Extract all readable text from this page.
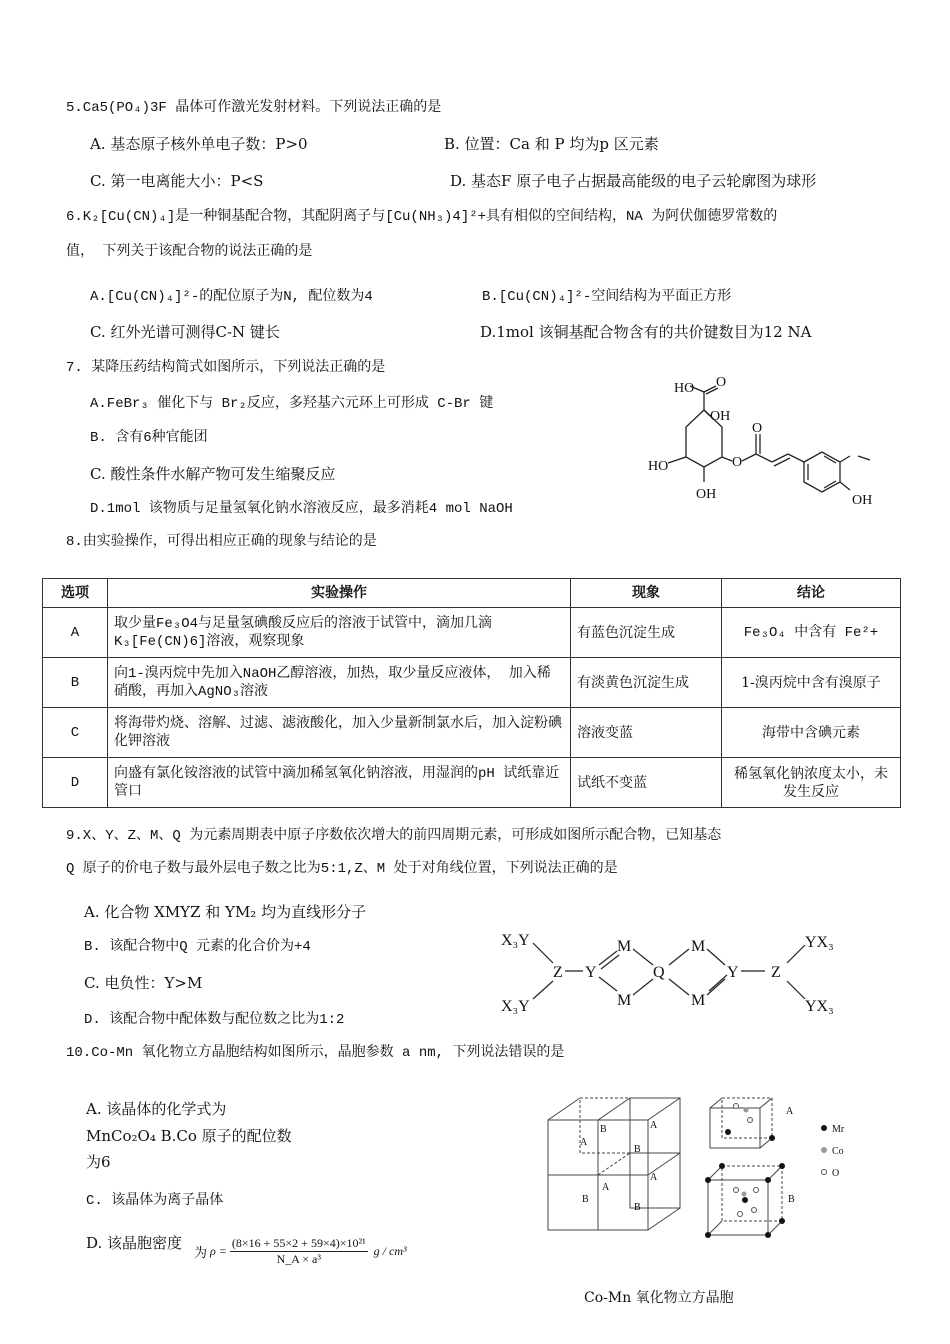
5.Ca5(PO₄)3F 晶体可作激光发射材料。下列说法正确的是
A. 基态原子核外单电子数：P>0	B. 位置：Ca 和 P 均为p 区元素
C. 第一电离能大小：P<S	D. 基态F 原子电子占据最高能级的电子云轮廓图为球形
6.K₂[Cu(CN)₄]是一种铜基配合物，其配阴离子与[Cu(NH₃)4]²+具有相似的空间结构，NA 为阿伏伽德罗常数的
值， 下列关于该配合物的说法正确的是
A.[Cu(CN)₄]²-的配位原子为N, 配位数为4	B.[Cu(CN)₄]²-空间结构为平面正方形
C. 红外光谱可测得C-N 键长	D.1mol 该铜基配合物含有的共价键数目为12 NA
7. 某降压药结构简式如图所示，下列说法正确的是
A.FeBr₃ 催化下与 Br₂反应，多羟基六元环上可形成 C-Br 键
B. 含有6种官能团
C. 酸性条件水解产物可发生缩聚反应
D.1mol 该物质与足量氢氧化钠水溶液反应，最多消耗4 mol NaOH
HO O
OH
O
HO
OH
O
OH
8.由实验操作，可得出相应正确的现象与结论的是
选项	实验操作	现象	结论
A	取少量Fe₃O4与足量氢碘酸反应后的溶液于试管中，滴加几滴 K₃[Fe(CN)6]溶液，观察现象	有蓝色沉淀生成	Fe₃O₄ 中含有 Fe²+
B	向1-溴丙烷中先加入NaOH乙醇溶液，加热，取少量反应液体， 加入稀硝酸，再加入AgNO₃溶液	有淡黄色沉淀生成	1-溴丙烷中含有溴原子
C	将海带灼烧、溶解、过滤、滤液酸化，加入少量新制氯水后，加入淀粉碘化钾溶液	溶液变蓝	海带中含碘元素
D	向盛有氯化铵溶液的试管中滴加稀氢氧化钠溶液，用湿润的pH 试纸靠近管口	试纸不变蓝	稀氢氧化钠浓度太小，未发生反应
9.X、Y、Z、M、Q 为元素周期表中原子序数依次增大的前四周期元素，可形成如图所示配合物，已知基态
Q 原子的价电子数与最外层电子数之比为5:1,Z、M 处于对角线位置，下列说法正确的是
A. 化合物 XMYZ 和 YM₂ 均为直线形分子
B. 该配合物中Q 元素的化合价为+4
C. 电负性：Y>M
D. 该配合物中配体数与配位数之比为1:2
X₃Y
X₃Y
Z Y
M
M
Q
M
M
Y Z
YX₃
YX₃
10.Co-Mn 氧化物立方晶胞结构如图所示，晶胞参数 a nm, 下列说法错误的是
A. 该晶体的化学式为
MnCo₂O₄ B.Co 原子的配位数
为6
C. 该晶体为离子晶体
D. 该晶胞密度
为 $\rho = \frac{\text{(8×16 + 55×2 + 59×4)×10²¹}}{\text{N\_A × a³}}$ g / cm³
A
A
A
A
B
B
B
B
A
B
Mr
Co
O
Co-Mn 氧化物立方晶胞
